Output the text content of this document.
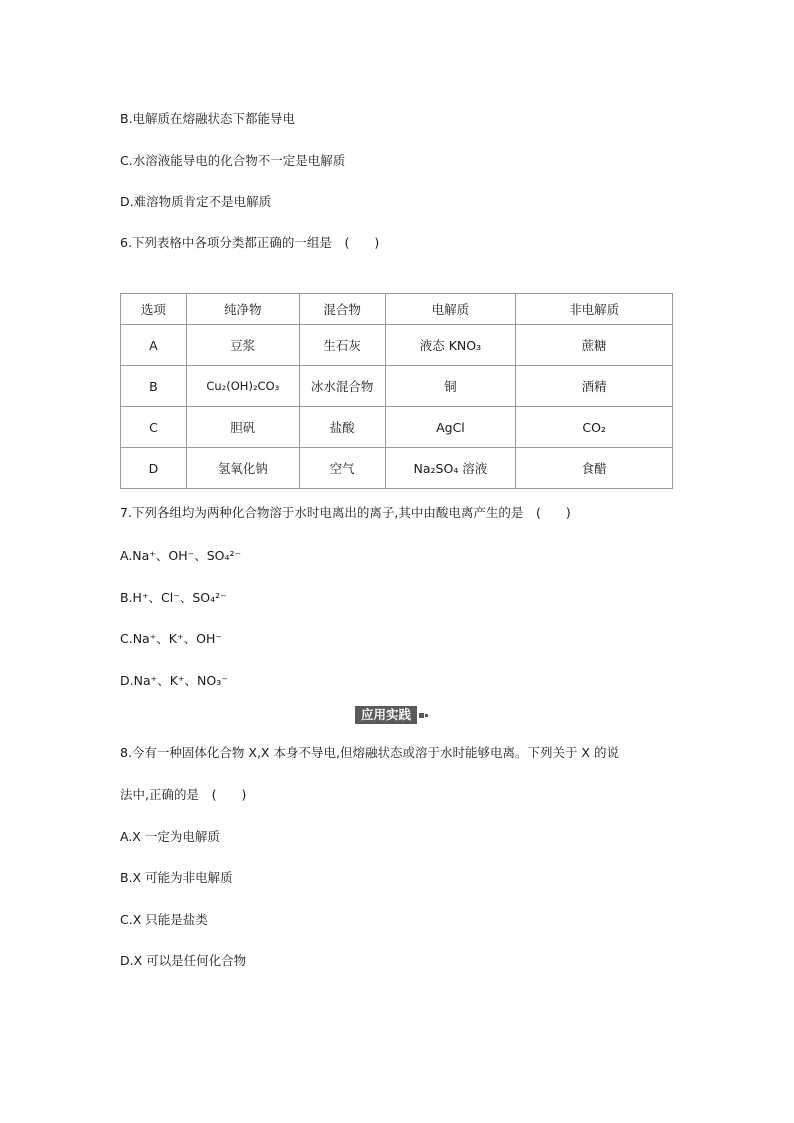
B.电解质在熔融状态下都能导电
C.水溶液能导电的化合物不一定是电解质
D.难溶物质肯定不是电解质
6.下列表格中各项分类都正确的一组是 (　　)
选项	纯净物	混合物	电解质	非电解质
A	豆浆	生石灰	液态 KNO₃	蔗糖
B	Cu₂(OH)₂CO₃	冰水混合物	铜	酒精
C	胆矾	盐酸	AgCl	CO₂
D	氢氧化钠	空气	Na₂SO₄ 溶液	食醋
7.下列各组均为两种化合物溶于水时电离出的离子,其中由酸电离产生的是 (　　)
A.Na⁺、OH⁻、SO₄²⁻
B.H⁺、Cl⁻、SO₄²⁻
C.Na⁺、K⁺、OH⁻
D.Na⁺、K⁺、NO₃⁻
应用实践
8.今有一种固体化合物 X,X 本身不导电,但熔融状态或溶于水时能够电离。下列关于 X 的说
法中,正确的是 (　　)
A.X 一定为电解质
B.X 可能为非电解质
C.X 只能是盐类
D.X 可以是任何化合物
